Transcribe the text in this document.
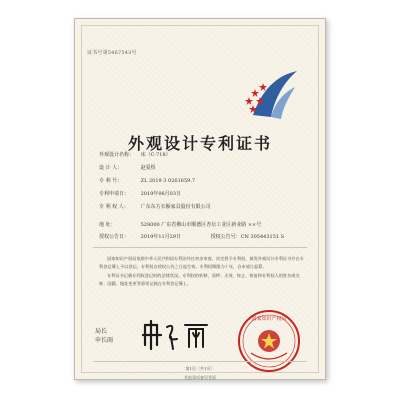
证书号第5467543号
外观设计专利证书
外观设计名称： 床（C-718）
设 计 人：	赵爱煜
专 利 号：	ZL 2019 3 0261659.7
专利申请日： 2019年06月03日
专 利 权 人： 广东东方衣橱家具股份有限公司
地 址：	528000 广东省佛山市顺德区杏坛工业区新业路 ××号
授权公告日： 2019年11月29日	授权公告号：CN 305443151 S

国家知识产权局依照中华人民共和国专利法经过初步审查，决定授予专利权，颁发外观设计专利证书并在专利登记簿上予以登记。专利权自授权公告之日起生效。专利权期限为十年，自申请日起算。

专利证书记载专利权登记时的法律状况。专利权的转移、质押、无效、终止、恢复和专利权人的姓名或名称、国籍、地址变更等事项记载在专利登记簿上。

局长
申长雨
国家知识产权局
第1页（共1页）
其他事项参见背面
